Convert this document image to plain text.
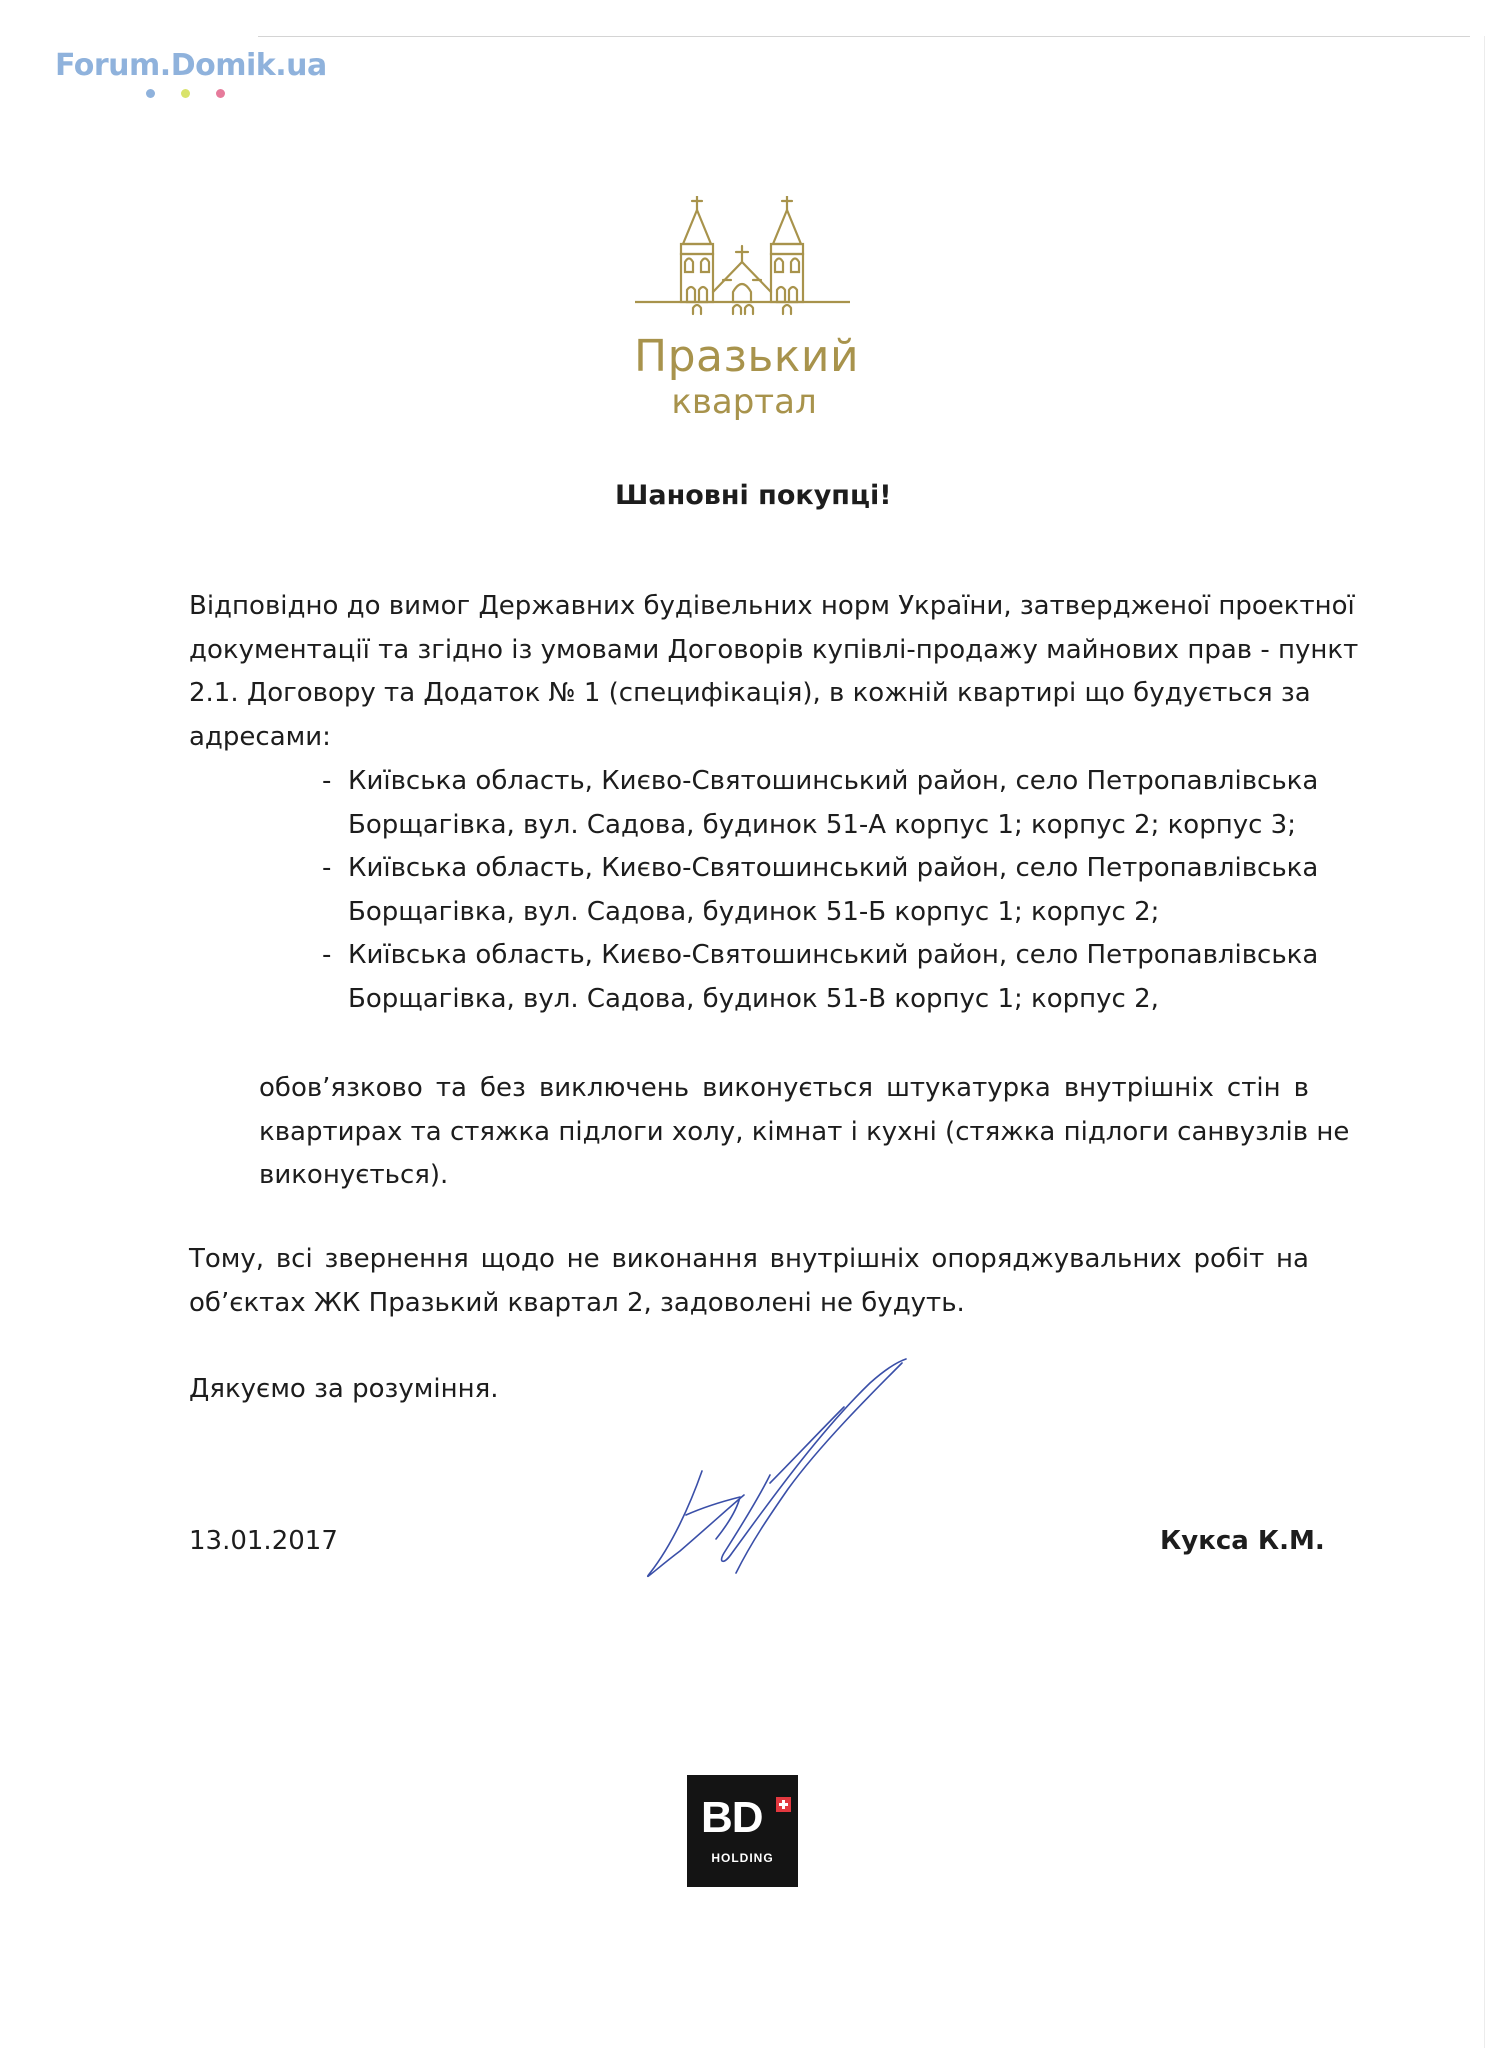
Forum.Domik.ua
Празький
квартал
Шановні покупці!
Відповідно до вимог Державних будівельних норм України, затвердженої проектної
документації та згідно із умовами Договорів купівлі-продажу майнових прав - пункт
2.1. Договору та Додаток № 1 (специфікація), в кожній квартирі що будується за
адресами:
- Київська область, Києво-Святошинський район, село Петропавлівська
Борщагівка, вул. Садова, будинок 51-А корпус 1; корпус 2; корпус 3;
- Київська область, Києво-Святошинський район, село Петропавлівська
Борщагівка, вул. Садова, будинок 51-Б корпус 1; корпус 2;
- Київська область, Києво-Святошинський район, село Петропавлівська
Борщагівка, вул. Садова, будинок 51-В корпус 1; корпус 2,
обов’язково та без виключень виконується штукатурка внутрішніх стін в
квартирах та стяжка підлоги холу, кімнат і кухні (стяжка підлоги санвузлів не
виконується).
Тому, всі звернення щодо не виконання внутрішніх опоряджувальних робіт на
об’єктах ЖК Празький квартал 2, задоволені не будуть.
Дякуємо за розуміння.
13.01.2017	Кукса К.М.
BD
HOLDING
